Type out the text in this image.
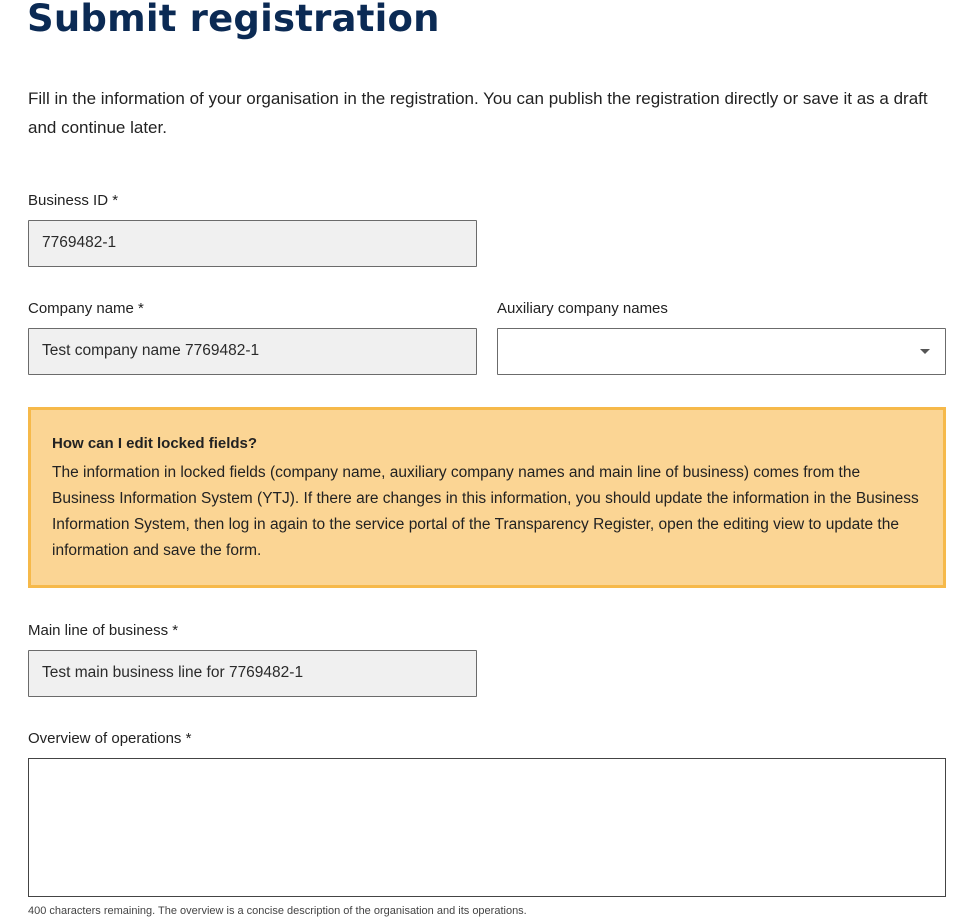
Submit registration

Fill in the information of your organisation in the registration. You can publish the registration directly or save it as a draft and continue later.

Business ID *
7769482-1
Company name *
Test company name 7769482-1
Auxiliary company names

How can I edit locked fields?

The information in locked fields (company name, auxiliary company names and main line of business) comes from the Business Information System (YTJ). If there are changes in this information, you should update the information in the Business Information System, then log in again to the service portal of the Transparency Register, open the editing view to update the information and save the form.

Main line of business *
Test main business line for 7769482-1
Overview of operations *
400 characters remaining. The overview is a concise description of the organisation and its operations.
